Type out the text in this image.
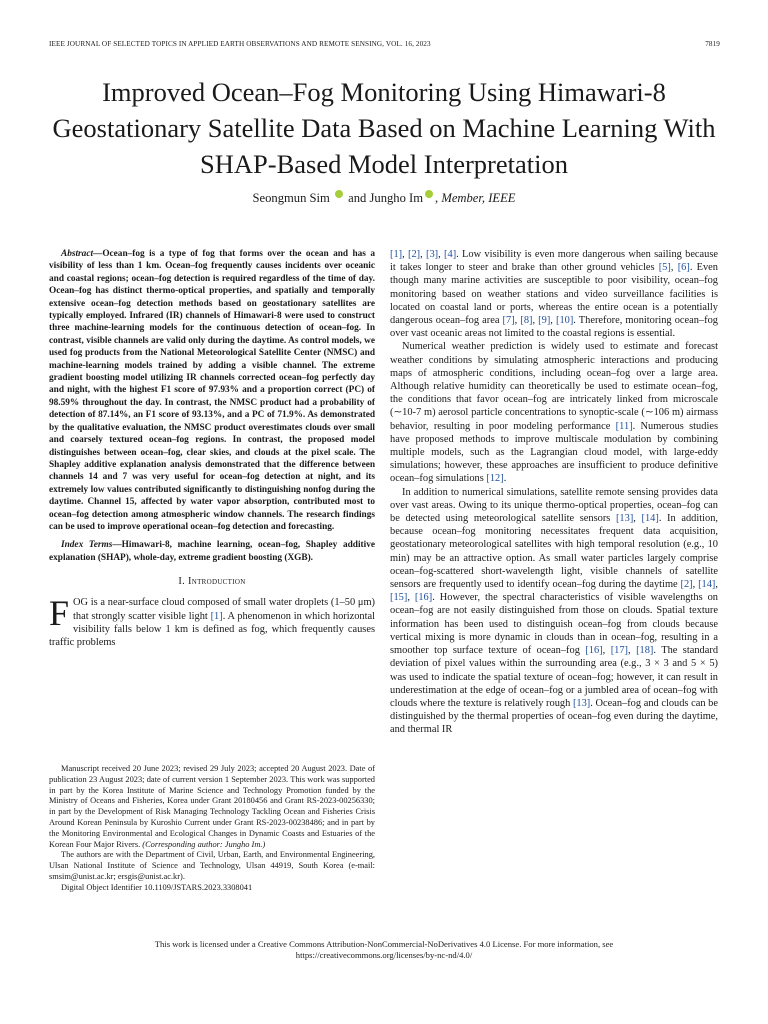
IEEE JOURNAL OF SELECTED TOPICS IN APPLIED EARTH OBSERVATIONS AND REMOTE SENSING, VOL. 16, 2023	7819
Improved Ocean–Fog Monitoring Using Himawari-8 Geostationary Satellite Data Based on Machine Learning With SHAP-Based Model Interpretation
Seongmun Sim and Jungho Im , Member, IEEE

Abstract—Ocean–fog is a type of fog that forms over the ocean and has a visibility of less than 1 km. Ocean–fog frequently causes incidents over oceanic and coastal regions; ocean–fog detection is required regardless of the time of day. Ocean–fog has distinct thermo-optical properties, and spatially and temporally extensive ocean–fog detection methods based on geostationary satellites are typically employed. Infrared (IR) channels of Himawari-8 were used to construct three machine-learning models for the continuous detection of ocean–fog. In contrast, visible channels are valid only during the daytime. As control models, we used fog products from the National Meteorological Satellite Center (NMSC) and machine-learning models trained by adding a visible channel. The extreme gradient boosting model utilizing IR channels corrected ocean–fog perfectly day and night, with the highest F1 score of 97.93% and a proportion correct (PC) of 98.59% throughout the day. In contrast, the NMSC product had a probability of detection of 87.14%, an F1 score of 93.13%, and a PC of 71.9%. As demonstrated by the qualitative evaluation, the NMSC product overestimates clouds over small and coarsely textured ocean–fog regions. In contrast, the proposed model distinguishes between ocean–fog, clear skies, and clouds at the pixel scale. The Shapley additive explanation analysis demonstrated that the difference between channels 14 and 7 was very useful for ocean–fog detection at night, and its extremely low values contributed significantly to distinguishing nonfog during the daytime. Channel 15, affected by water vapor absorption, contributed most to ocean–fog detection among atmospheric window channels. The research findings can be used to improve operational ocean–fog detection and forecasting.

Index Terms—Himawari-8, machine learning, ocean–fog, Shapley additive explanation (SHAP), whole-day, extreme gradient boosting (XGB).

I. Introduction

FOG is a near-surface cloud composed of small water droplets (1–50 μm) that strongly scatter visible light [1]. A phenomenon in which horizontal visibility falls below 1 km is defined as fog, which frequently causes traffic problems

Manuscript received 20 June 2023; revised 29 July 2023; accepted 20 August 2023. Date of publication 23 August 2023; date of current version 1 September 2023. This work was supported in part by the Korea Institute of Marine Science and Technology Promotion funded by the Ministry of Oceans and Fisheries, Korea under Grant 20180456 and Grant RS-2023-00256330; in part by the Development of Risk Managing Technology Tackling Ocean and Fisheries Crisis Around Korean Peninsula by Kuroshio Current under Grant RS-2023-00238486; and in part by the Monitoring Environmental and Ecological Changes in Dynamic Coasts and Estuaries of the Korean Four Major Rivers. (Corresponding author: Jungho Im.)

The authors are with the Department of Civil, Urban, Earth, and Environmental Engineering, Ulsan National Institute of Science and Technology, Ulsan 44919, South Korea (e-mail: smsim@unist.ac.kr; ersgis@unist.ac.kr).

Digital Object Identifier 10.1109/JSTARS.2023.3308041

[1], [2], [3], [4]. Low visibility is even more dangerous when sailing because it takes longer to steer and brake than other ground vehicles [5], [6]. Even though many marine activities are susceptible to poor visibility, ocean–fog monitoring based on weather stations and video surveillance facilities is located on coastal land or ports, whereas the entire ocean is a potentially dangerous ocean–fog area [7], [8], [9], [10]. Therefore, monitoring ocean–fog over vast oceanic areas not limited to the coastal regions is essential.

Numerical weather prediction is widely used to estimate and forecast weather conditions by simulating atmospheric interactions and producing maps of atmospheric conditions, including ocean–fog over a large area. Although relative humidity can theoretically be used to estimate ocean–fog, the conditions that favor ocean–fog are intricately linked from microscale (∼10-7 m) aerosol particle concentrations to synoptic-scale (∼106 m) airmass behavior, resulting in poor modeling performance [11]. Numerous studies have proposed methods to improve multiscale modulation by combining multiple models, such as the Lagrangian cloud model, with large-eddy simulations; however, these approaches are insufficient to produce definitive ocean–fog simulations [12].

In addition to numerical simulations, satellite remote sensing provides data over vast areas. Owing to its unique thermo-optical properties, ocean–fog can be detected using meteorological satellite sensors [13], [14]. In addition, because ocean–fog monitoring necessitates frequent data acquisition, geostationary meteorological satellites with high temporal resolution (e.g., 10 min) may be an attractive option. As small water particles largely comprise ocean–fog-scattered short-wavelength light, visible channels of satellite sensors are frequently used to identify ocean–fog during the daytime [2], [14], [15], [16]. However, the spectral characteristics of visible wavelengths on ocean–fog are not easily distinguished from those on clouds. Spatial texture information has been used to distinguish ocean–fog from clouds because vertical mixing is more dynamic in clouds than in ocean–fog, resulting in a smoother top surface texture of ocean–fog [16], [17], [18]. The standard deviation of pixel values within the surrounding area (e.g., 3 × 3 and 5 × 5) was used to indicate the spatial texture of ocean–fog; however, it can result in underestimation at the edge of ocean–fog or a jumbled area of ocean–fog with clouds where the texture is relatively rough [13]. Ocean–fog and clouds can be distinguished by the thermal properties of ocean–fog even during the daytime, and thermal IR

This work is licensed under a Creative Commons Attribution-NonCommercial-NoDerivatives 4.0 License. For more information, see
https://creativecommons.org/licenses/by-nc-nd/4.0/
